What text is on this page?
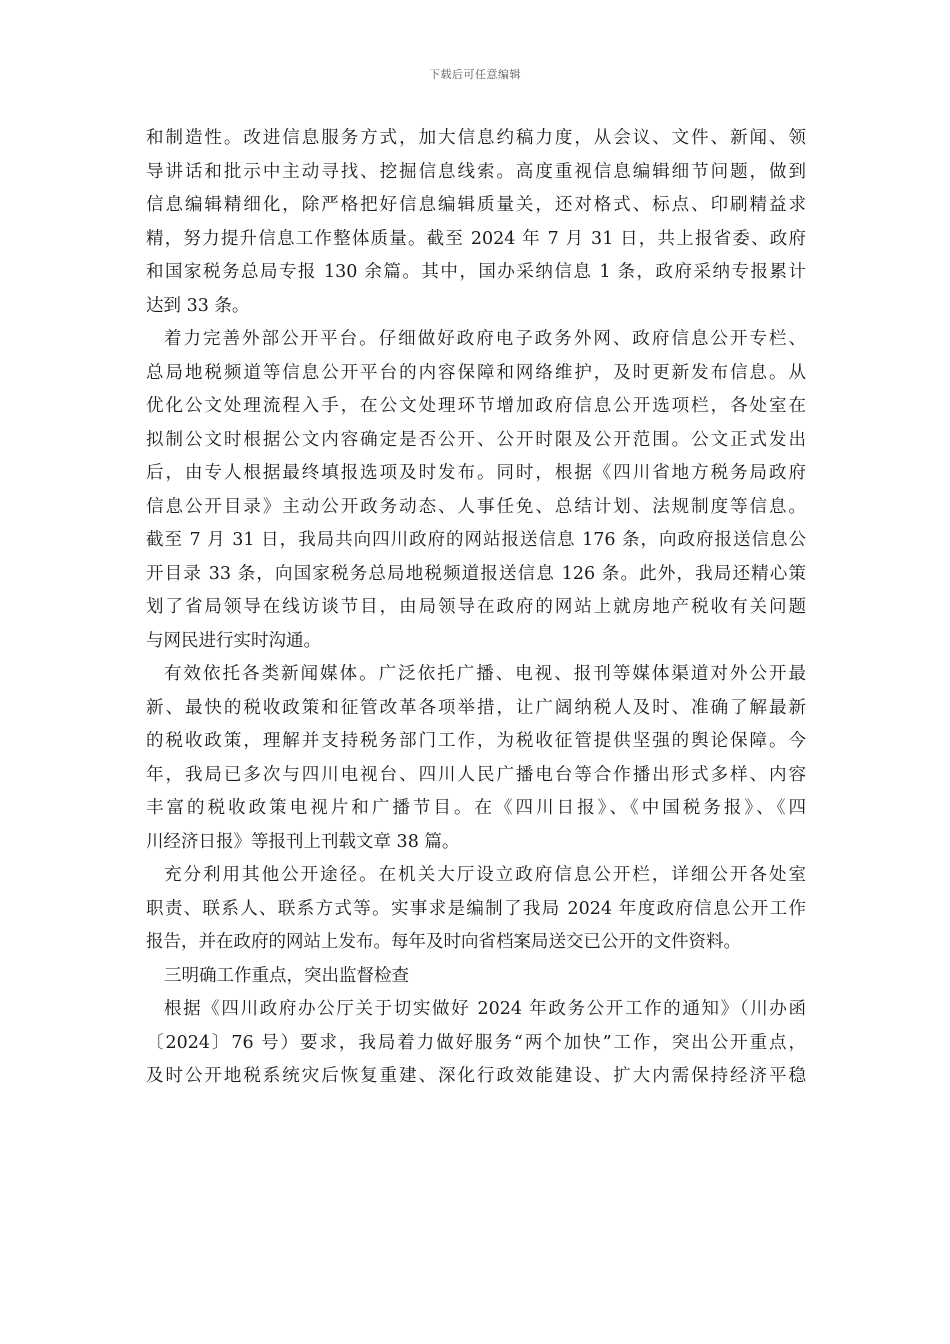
下载后可任意编辑
和制造性。改进信息服务方式，加大信息约稿力度，从会议、文件、新闻、领
导讲话和批示中主动寻找、挖掘信息线索。高度重视信息编辑细节问题，做到
信息编辑精细化，除严格把好信息编辑质量关，还对格式、标点、印刷精益求
精，努力提升信息工作整体质量。截至 2024 年 7 月 31 日，共上报省委、政府
和国家税务总局专报 130 余篇。其中，国办采纳信息 1 条，政府采纳专报累计
达到 33 条。
着力完善外部公开平台。仔细做好政府电子政务外网、政府信息公开专栏、
总局地税频道等信息公开平台的内容保障和网络维护，及时更新发布信息。从
优化公文处理流程入手，在公文处理环节增加政府信息公开选项栏，各处室在
拟制公文时根据公文内容确定是否公开、公开时限及公开范围。公文正式发出
后，由专人根据最终填报选项及时发布。同时，根据《四川省地方税务局政府
信息公开目录》主动公开政务动态、人事任免、总结计划、法规制度等信息。
截至 7 月 31 日，我局共向四川政府的网站报送信息 176 条，向政府报送信息公
开目录 33 条，向国家税务总局地税频道报送信息 126 条。此外，我局还精心策
划了省局领导在线访谈节目，由局领导在政府的网站上就房地产税收有关问题
与网民进行实时沟通。
有效依托各类新闻媒体。广泛依托广播、电视、报刊等媒体渠道对外公开最
新、最快的税收政策和征管改革各项举措，让广阔纳税人及时、准确了解最新
的税收政策，理解并支持税务部门工作，为税收征管提供坚强的舆论保障。今
年，我局已多次与四川电视台、四川人民广播电台等合作播出形式多样、内容
丰富的税收政策电视片和广播节目。在《四川日报》、《中国税务报》、《四
川经济日报》等报刊上刊载文章 38 篇。
充分利用其他公开途径。在机关大厅设立政府信息公开栏，详细公开各处室
职责、联系人、联系方式等。实事求是编制了我局 2024 年度政府信息公开工作
报告，并在政府的网站上发布。每年及时向省档案局送交已公开的文件资料。
三明确工作重点，突出监督检查
根据《四川政府办公厅关于切实做好 2024 年政务公开工作的通知》（川办函
〔2024〕76 号）要求，我局着力做好服务“两个加快”工作，突出公开重点，
及时公开地税系统灾后恢复重建、深化行政效能建设、扩大内需保持经济平稳
